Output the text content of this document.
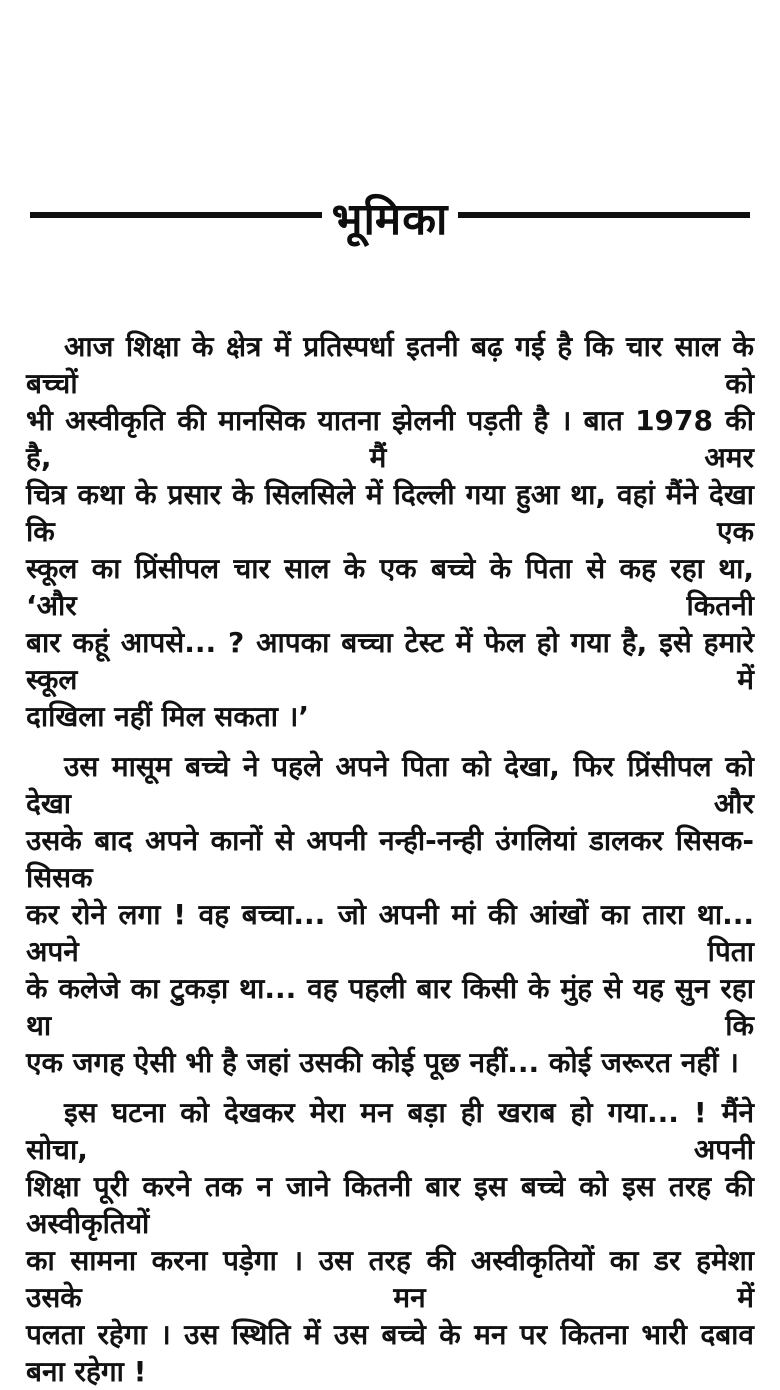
भूमिका

आज शिक्षा के क्षेत्र में प्रतिस्पर्धा इतनी बढ़ गई है कि चार साल के बच्चों को
भी अस्वीकृति की मानसिक यातना झेलनी पड़ती है । बात 1978 की है, मैं अमर
चित्र कथा के प्रसार के सिलसिले में दिल्ली गया हुआ था, वहां मैंने देखा कि एक
स्कूल का प्रिंसीपल चार साल के एक बच्चे के पिता से कह रहा था, ‘और कितनी
बार कहूं आपसे... ? आपका बच्चा टेस्ट में फेल हो गया है, इसे हमारे स्कूल में
दाखिला नहीं मिल सकता ।’

उस मासूम बच्चे ने पहले अपने पिता को देखा, फिर प्रिंसीपल को देखा और
उसके बाद अपने कानों से अपनी नन्ही-नन्ही उंगलियां डालकर सिसक-सिसक
कर रोने लगा ! वह बच्चा... जो अपनी मां की आंखों का तारा था... अपने पिता
के कलेजे का टुकड़ा था... वह पहली बार किसी के मुंह से यह सुन रहा था कि
एक जगह ऐसी भी है जहां उसकी कोई पूछ नहीं... कोई जरूरत नहीं ।

इस घटना को देखकर मेरा मन बड़ा ही खराब हो गया... ! मैंने सोचा, अपनी
शिक्षा पूरी करने तक न जाने कितनी बार इस बच्चे को इस तरह की अस्वीकृतियों
का सामना करना पड़ेगा । उस तरह की अस्वीकृतियों का डर हमेशा उसके मन में
पलता रहेगा । उस स्थिति में उस बच्चे के मन पर कितना भारी दबाव बना रहेगा !
